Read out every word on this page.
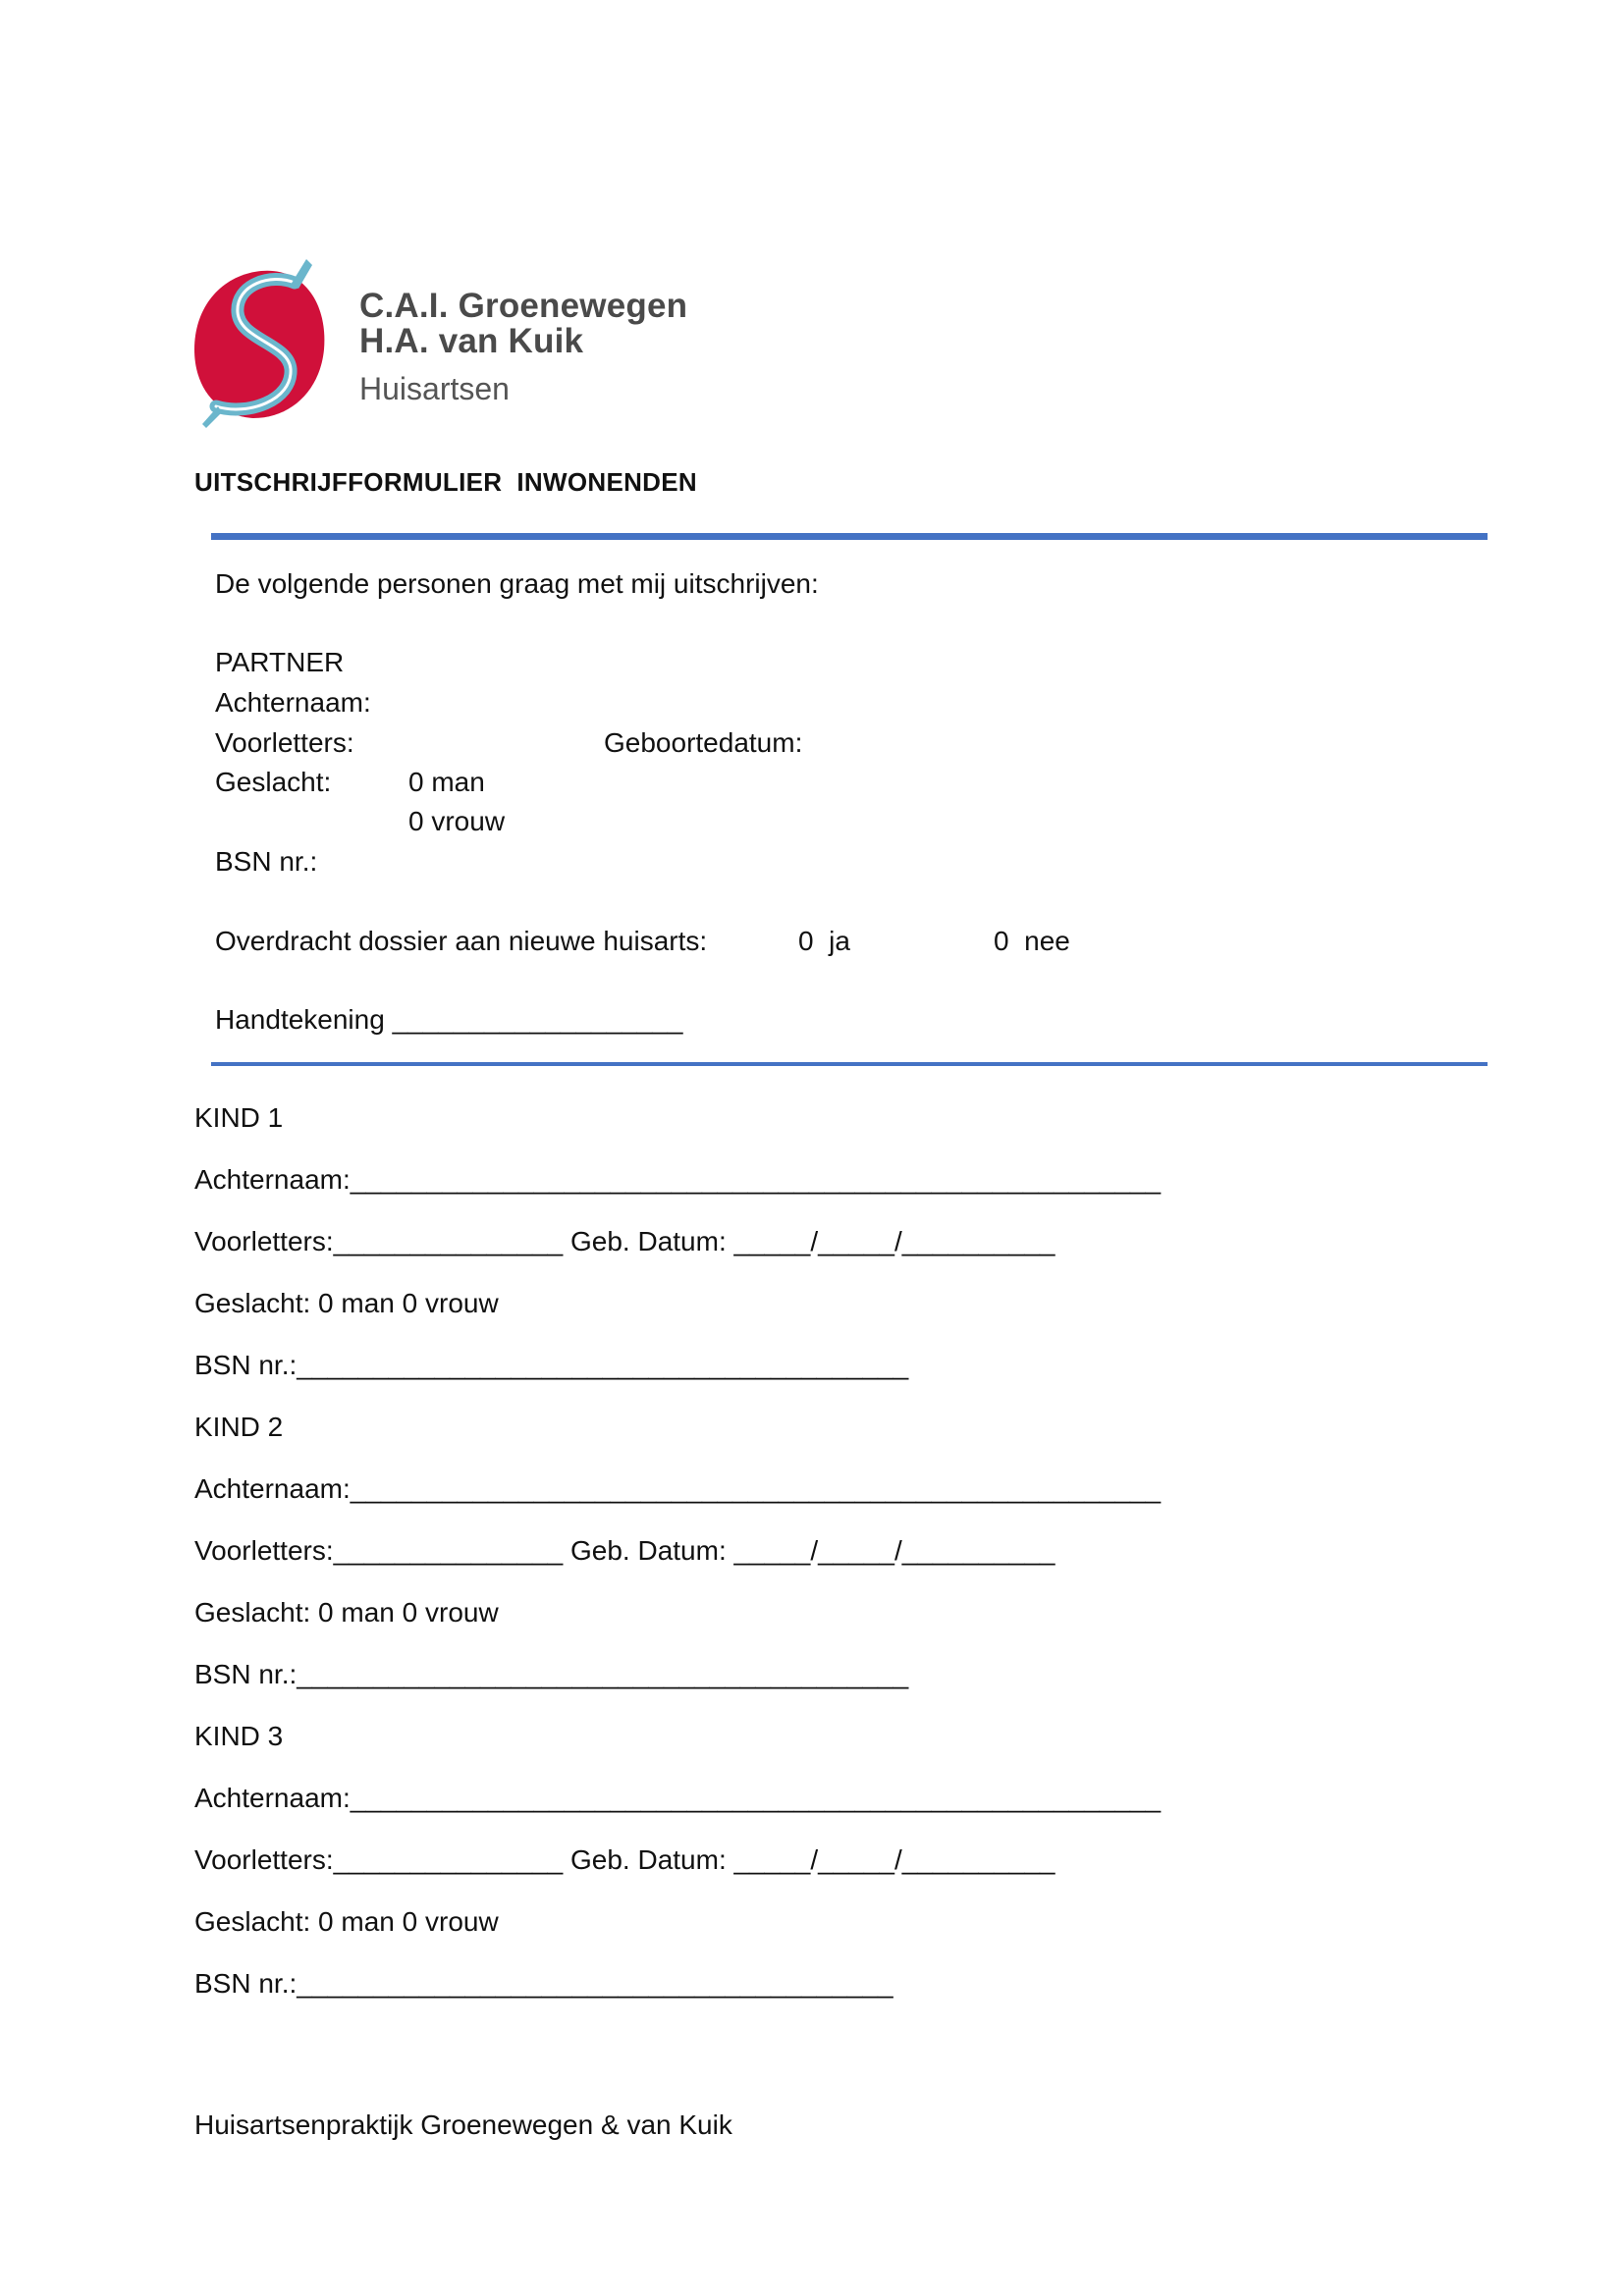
C.A.I. Groenewegen
H.A. van Kuik
Huisartsen
UITSCHRIJFFORMULIER  INWONENDEN
De volgende personen graag met mij uitschrijven:
PARTNER
Achternaam:
Voorletters:	Geboortedatum:
Geslacht:	0 man
0 vrouw
BSN nr.:
Overdracht dossier aan nieuwe huisarts:	0  ja	0  nee
Handtekening ___________________
KIND 1
Achternaam:_____________________________________________________
Voorletters:_______________ Geb. Datum: _____/_____/__________
Geslacht: 0 man 0 vrouw
BSN nr.:________________________________________
KIND 2
Achternaam:_____________________________________________________
Voorletters:_______________ Geb. Datum: _____/_____/__________
Geslacht: 0 man 0 vrouw
BSN nr.:________________________________________
KIND 3
Achternaam:_____________________________________________________
Voorletters:_______________ Geb. Datum: _____/_____/__________
Geslacht: 0 man 0 vrouw
BSN nr.:_______________________________________
Huisartsenpraktijk Groenewegen & van Kuik
